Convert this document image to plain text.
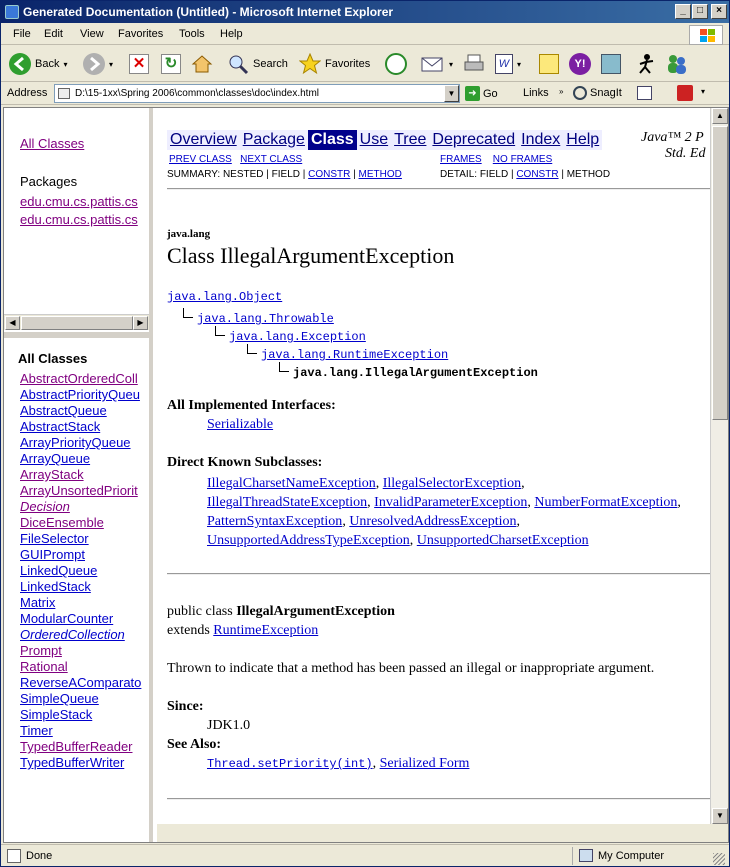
Generated Documentation (Untitled) - Microsoft Internet Explorer	_	□	×
File Edit View Favorites Tools Help
Back ▾	▾ ✕ ↻	Search	Favorites	▾	W ▾	Y!
Address	D:\15-1xx\Spring 2006\common\classes\doc\index.html	▼	➜ Go Links » SnagIt	▾
All Classes
Packages
edu.cmu.cs.pattis.cs
edu.cmu.cs.pattis.cs
◀	▶
All Classes
AbstractOrderedColl
AbstractPriorityQueu
AbstractQueue
AbstractStack
ArrayPriorityQueue
ArrayQueue
ArrayStack
ArrayUnsortedPriorit
Decision
DiceEnsemble
FileSelector
GUIPrompt
LinkedQueue
LinkedStack
Matrix
ModularCounter
OrderedCollection
Prompt
Rational
ReverseAComparato
SimpleQueue
SimpleStack
Timer
TypedBufferReader
TypedBufferWriter
Overview Package Class Use Tree Deprecated Index Help	Java™ 2 P
Std. Ed
PREV CLASS NEXT CLASS	FRAMES NO FRAMES
SUMMARY: NESTED | FIELD | CONSTR | METHOD	DETAIL: FIELD | CONSTR | METHOD
java.lang
Class IllegalArgumentException
java.lang.Object
java.lang.Throwable
java.lang.Exception
java.lang.RuntimeException
java.lang.IllegalArgumentException
All Implemented Interfaces:
Serializable
Direct Known Subclasses:
IllegalCharsetNameException, IllegalSelectorException,
IllegalThreadStateException, InvalidParameterException, NumberFormatException,
PatternSyntaxException, UnresolvedAddressException,
UnsupportedAddressTypeException, UnsupportedCharsetException
public class IllegalArgumentException
extends RuntimeException
Thrown to indicate that a method has been passed an illegal or inappropriate argument.
Since:
JDK1.0
See Also:
Thread.setPriority(int), Serialized Form
▲
▼
Done	My Computer
